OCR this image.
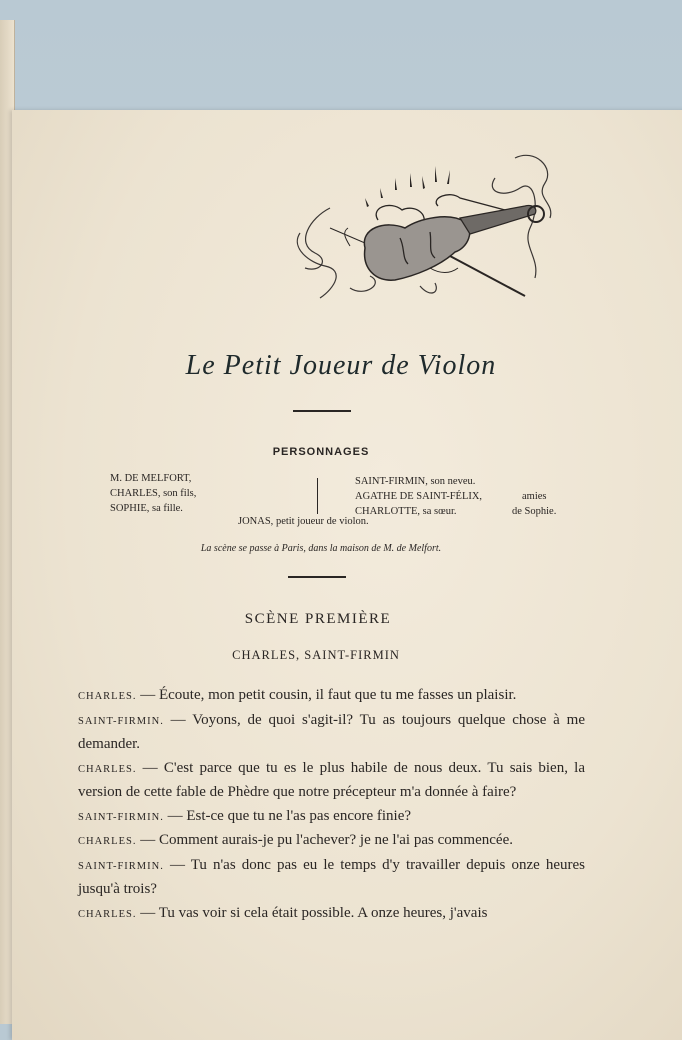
Le Petit Joueur de Violon
PERSONNAGES
M. DE MELFORT,
CHARLES, son fils,
SOPHIE, sa fille.
SAINT-FIRMIN, son neveu.
AGATHE DE SAINT-FÉLIX,
CHARLOTTE, sa sœur.
amies
de Sophie.
JONAS, petit joueur de violon.
La scène se passe à Paris, dans la maison de M. de Melfort.
SCÈNE PREMIÈRE
CHARLES, SAINT-FIRMIN

CHARLES. — Écoute, mon petit cousin, il faut que tu me fasses un plaisir.

SAINT-FIRMIN. — Voyons, de quoi s'agit-il? Tu as toujours quelque chose à me demander.

CHARLES. — C'est parce que tu es le plus habile de nous deux. Tu sais bien, la version de cette fable de Phèdre que notre précepteur m'a donnée à faire?

SAINT-FIRMIN. — Est-ce que tu ne l'as pas encore finie?

CHARLES. — Comment aurais-je pu l'achever? je ne l'ai pas commencée.

SAINT-FIRMIN. — Tu n'as donc pas eu le temps d'y travailler depuis onze heures jusqu'à trois?

CHARLES. — Tu vas voir si cela était possible. A onze heures, j'avais
